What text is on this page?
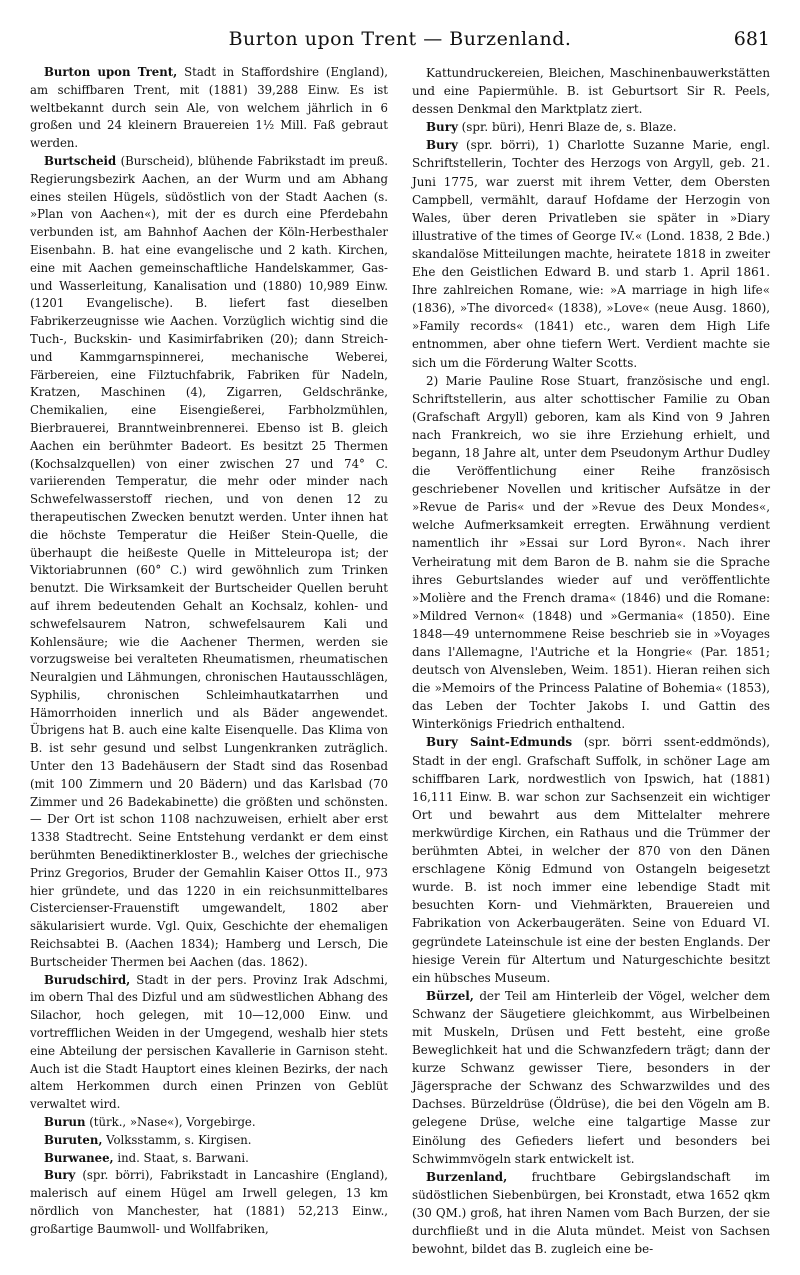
Burton upon Trent — Burzenland.	681

Burton upon Trent, Stadt in Staffordshire (England), am schiffbaren Trent, mit (1881) 39,288 Einw. Es ist weltbekannt durch sein Ale, von welchem jährlich in 6 großen und 24 kleinern Brauereien 1½ Mill. Faß gebraut werden.

Burtscheid (Burscheid), blühende Fabrikstadt im preuß. Regierungsbezirk Aachen, an der Wurm und am Abhang eines steilen Hügels, südöstlich von der Stadt Aachen (s. »Plan von Aachen«), mit der es durch eine Pferdebahn verbunden ist, am Bahnhof Aachen der Köln-Herbesthaler Eisenbahn. B. hat eine evangelische und 2 kath. Kirchen, eine mit Aachen gemeinschaftliche Handelskammer, Gas- und Wasserleitung, Kanalisation und (1880) 10,989 Einw. (1201 Evangelische). B. liefert fast dieselben Fabrikerzeugnisse wie Aachen. Vorzüglich wichtig sind die Tuch-, Buckskin- und Kasimirfabriken (20); dann Streich- und Kammgarnspinnerei, mechanische Weberei, Färbereien, eine Filztuchfabrik, Fabriken für Nadeln, Kratzen, Maschinen (4), Zigarren, Geldschränke, Chemikalien, eine Eisengießerei, Farbholzmühlen, Bierbrauerei, Branntweinbrennerei. Ebenso ist B. gleich Aachen ein berühmter Badeort. Es besitzt 25 Thermen (Kochsalzquellen) von einer zwischen 27 und 74° C. variierenden Temperatur, die mehr oder minder nach Schwefelwasserstoff riechen, und von denen 12 zu therapeutischen Zwecken benutzt werden. Unter ihnen hat die höchste Temperatur die Heißer Stein-Quelle, die überhaupt die heißeste Quelle in Mitteleuropa ist; der Viktoriabrunnen (60° C.) wird gewöhnlich zum Trinken benutzt. Die Wirksamkeit der Burtscheider Quellen beruht auf ihrem bedeutenden Gehalt an Kochsalz, kohlen- und schwefelsaurem Natron, schwefelsaurem Kali und Kohlensäure; wie die Aachener Thermen, werden sie vorzugsweise bei veralteten Rheumatismen, rheumatischen Neuralgien und Lähmungen, chronischen Hautausschlägen, Syphilis, chronischen Schleimhautkatarrhen und Hämorrhoiden innerlich und als Bäder angewendet. Übrigens hat B. auch eine kalte Eisenquelle. Das Klima von B. ist sehr gesund und selbst Lungenkranken zuträglich. Unter den 13 Badehäusern der Stadt sind das Rosenbad (mit 100 Zimmern und 20 Bädern) und das Karlsbad (70 Zimmer und 26 Badekabinette) die größten und schönsten. — Der Ort ist schon 1108 nachzuweisen, erhielt aber erst 1338 Stadtrecht. Seine Entstehung verdankt er dem einst berühmten Benediktinerkloster B., welches der griechische Prinz Gregorios, Bruder der Gemahlin Kaiser Ottos II., 973 hier gründete, und das 1220 in ein reichsunmittelbares Cistercienser-Frauenstift umgewandelt, 1802 aber säkularisiert wurde. Vgl. Quix, Geschichte der ehemaligen Reichsabtei B. (Aachen 1834); Hamberg und Lersch, Die Burtscheider Thermen bei Aachen (das. 1862).

Burudschird, Stadt in der pers. Provinz Irak Adschmi, im obern Thal des Dizful und am südwestlichen Abhang des Silachor, hoch gelegen, mit 10—12,000 Einw. und vortrefflichen Weiden in der Umgegend, weshalb hier stets eine Abteilung der persischen Kavallerie in Garnison steht. Auch ist die Stadt Hauptort eines kleinen Bezirks, der nach altem Herkommen durch einen Prinzen von Geblüt verwaltet wird.

Burun (türk., »Nase«), Vorgebirge.

Buruten, Volksstamm, s. Kirgisen.

Burwanee, ind. Staat, s. Barwani.

Bury (spr. börri), Fabrikstadt in Lancashire (England), malerisch auf einem Hügel am Irwell gelegen, 13 km nördlich von Manchester, hat (1881) 52,213 Einw., großartige Baumwoll- und Wollfabriken,

Kattundruckereien, Bleichen, Maschinenbauwerkstätten und eine Papiermühle. B. ist Geburtsort Sir R. Peels, dessen Denkmal den Marktplatz ziert.

Bury (spr. büri), Henri Blaze de, s. Blaze.

Bury (spr. börri), 1) Charlotte Suzanne Marie, engl. Schriftstellerin, Tochter des Herzogs von Argyll, geb. 21. Juni 1775, war zuerst mit ihrem Vetter, dem Obersten Campbell, vermählt, darauf Hofdame der Herzogin von Wales, über deren Privatleben sie später in »Diary illustrative of the times of George IV.« (Lond. 1838, 2 Bde.) skandalöse Mitteilungen machte, heiratete 1818 in zweiter Ehe den Geistlichen Edward B. und starb 1. April 1861. Ihre zahlreichen Romane, wie: »A marriage in high life« (1836), »The divorced« (1838), »Love« (neue Ausg. 1860), »Family records« (1841) etc., waren dem High Life entnommen, aber ohne tiefern Wert. Verdient machte sie sich um die Förderung Walter Scotts.

2) Marie Pauline Rose Stuart, französische und engl. Schriftstellerin, aus alter schottischer Familie zu Oban (Grafschaft Argyll) geboren, kam als Kind von 9 Jahren nach Frankreich, wo sie ihre Erziehung erhielt, und begann, 18 Jahre alt, unter dem Pseudonym Arthur Dudley die Veröffentlichung einer Reihe französisch geschriebener Novellen und kritischer Aufsätze in der »Revue de Paris« und der »Revue des Deux Mondes«, welche Aufmerksamkeit erregten. Erwähnung verdient namentlich ihr »Essai sur Lord Byron«. Nach ihrer Verheiratung mit dem Baron de B. nahm sie die Sprache ihres Geburtslandes wieder auf und veröffentlichte »Molière and the French drama« (1846) und die Romane: »Mildred Vernon« (1848) und »Germania« (1850). Eine 1848—49 unternommene Reise beschrieb sie in »Voyages dans l'Allemagne, l'Autriche et la Hongrie« (Par. 1851; deutsch von Alvensleben, Weim. 1851). Hieran reihen sich die »Memoirs of the Princess Palatine of Bohemia« (1853), das Leben der Tochter Jakobs I. und Gattin des Winterkönigs Friedrich enthaltend.

Bury Saint-Edmunds (spr. börri ssent-eddmönds), Stadt in der engl. Grafschaft Suffolk, in schöner Lage am schiffbaren Lark, nordwestlich von Ipswich, hat (1881) 16,111 Einw. B. war schon zur Sachsenzeit ein wichtiger Ort und bewahrt aus dem Mittelalter mehrere merkwürdige Kirchen, ein Rathaus und die Trümmer der berühmten Abtei, in welcher der 870 von den Dänen erschlagene König Edmund von Ostangeln beigesetzt wurde. B. ist noch immer eine lebendige Stadt mit besuchten Korn- und Viehmärkten, Brauereien und Fabrikation von Ackerbaugeräten. Seine von Eduard VI. gegründete Lateinschule ist eine der besten Englands. Der hiesige Verein für Altertum und Naturgeschichte besitzt ein hübsches Museum.

Bürzel, der Teil am Hinterleib der Vögel, welcher dem Schwanz der Säugetiere gleichkommt, aus Wirbelbeinen mit Muskeln, Drüsen und Fett besteht, eine große Beweglichkeit hat und die Schwanzfedern trägt; dann der kurze Schwanz gewisser Tiere, besonders in der Jägersprache der Schwanz des Schwarzwildes und des Dachses. Bürzeldrüse (Öldrüse), die bei den Vögeln am B. gelegene Drüse, welche eine talgartige Masse zur Einölung des Gefieders liefert und besonders bei Schwimmvögeln stark entwickelt ist.

Burzenland, fruchtbare Gebirgslandschaft im südöstlichen Siebenbürgen, bei Kronstadt, etwa 1652 qkm (30 QM.) groß, hat ihren Namen vom Bach Burzen, der sie durchfließt und in die Aluta mündet. Meist von Sachsen bewohnt, bildet das B. zugleich eine be-
